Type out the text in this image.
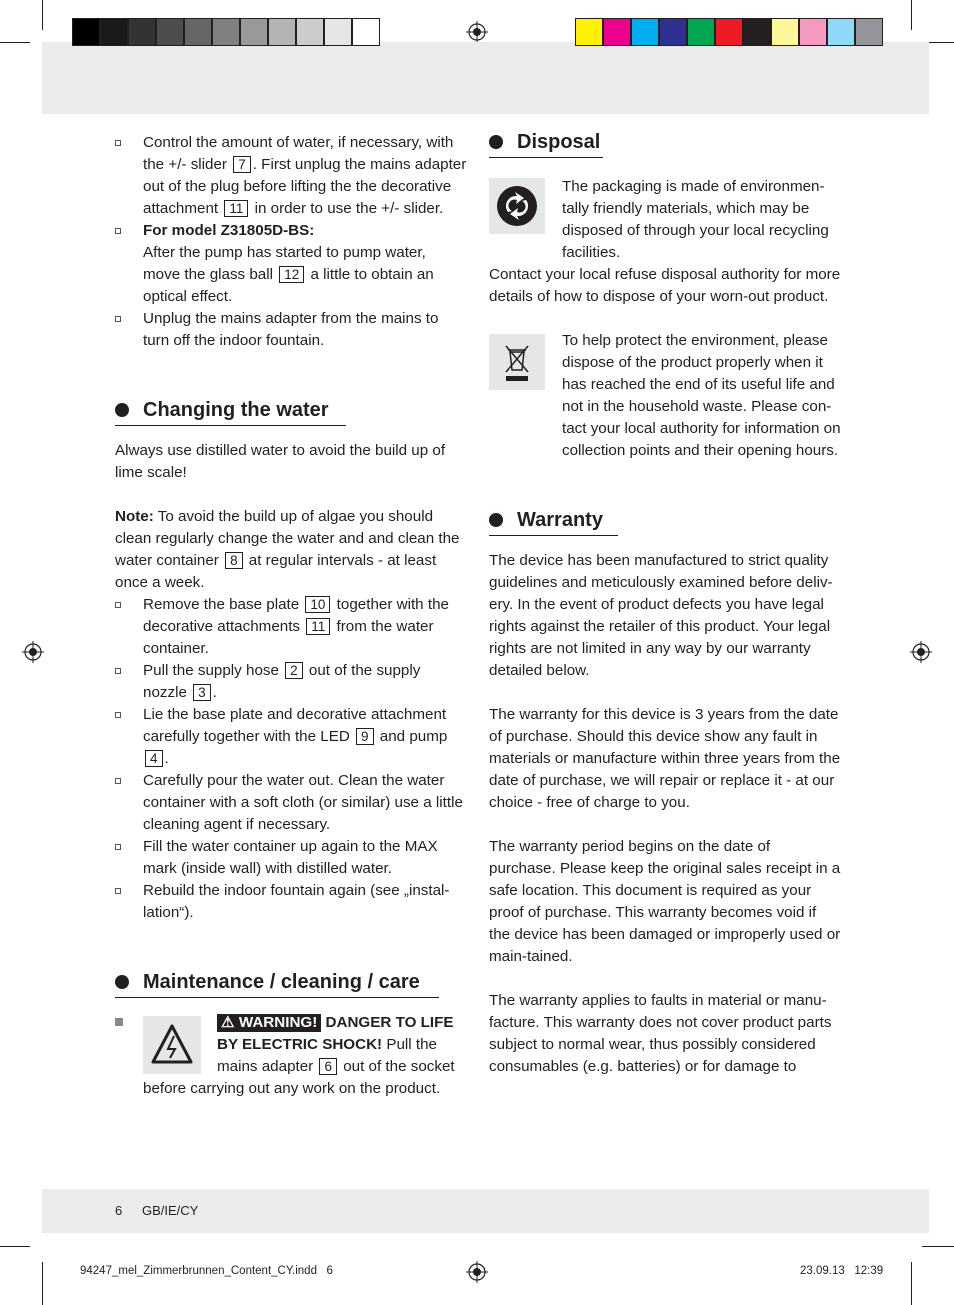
Control the amount of water, if necessary, with the +/- slider 7 . First unplug the mains adapter out of the plug before lifting the the decorative attachment 11 in order to use the +/- slider.
For model Z31805D-BS:
After the pump has started to pump water, move the glass ball 12 a little to obtain an optical effect.
Unplug the mains adapter from the mains to turn off the indoor fountain.
Changing the water

Always use distilled water to avoid the build up of lime scale!

Note: To avoid the build up of algae you should clean regularly change the water and and clean the water container 8 at regular intervals - at least once a week.

Remove the base plate 10 together with the decorative attachments 11 from the water container.
Pull the supply hose 2 out of the supply nozzle 3 .
Lie the base plate and decorative attachment carefully together with the LED 9 and pump 4 .
Carefully pour the water out. Clean the water container with a soft cloth (or similar) use a little cleaning agent if necessary.
Fill the water container up again to the MAX mark (inside wall) with distilled water.
Rebuild the indoor fountain again (see „instal-lation“).
Maintenance / cleaning / care
⚠ WARNING! DANGER TO LIFE BY ELECTRIC SHOCK! Pull the mains adapter 6 out of the socket before carrying out any work on the product.
Disposal

The packaging is made of environmen-tally friendly materials, which may be disposed of through your local recycling facilities.

Contact your local refuse disposal authority for more details of how to dispose of your worn-out product.

To help protect the environment, please dispose of the product properly when it has reached the end of its useful life and not in the household waste. Please con-tact your local authority for information on collection points and their opening hours.

Warranty

The device has been manufactured to strict quality guidelines and meticulously examined before deliv-ery. In the event of product defects you have legal rights against the retailer of this product. Your legal rights are not limited in any way by our warranty detailed below.

The warranty for this device is 3 years from the date of purchase. Should this device show any fault in materials or manufacture within three years from the date of purchase, we will repair or replace it - at our choice - free of charge to you.

The warranty period begins on the date of purchase. Please keep the original sales receipt in a safe location. This document is required as your proof of purchase. This warranty becomes void if the device has been damaged or improperly used or main-tained.

The warranty applies to faults in material or manu-facture. This warranty does not cover product parts subject to normal wear, thus possibly considered consumables (e.g. batteries) or for damage to

6 GB/IE/CY
94247_mel_Zimmerbrunnen_Content_CY.indd   6	23.09.13   12:39
